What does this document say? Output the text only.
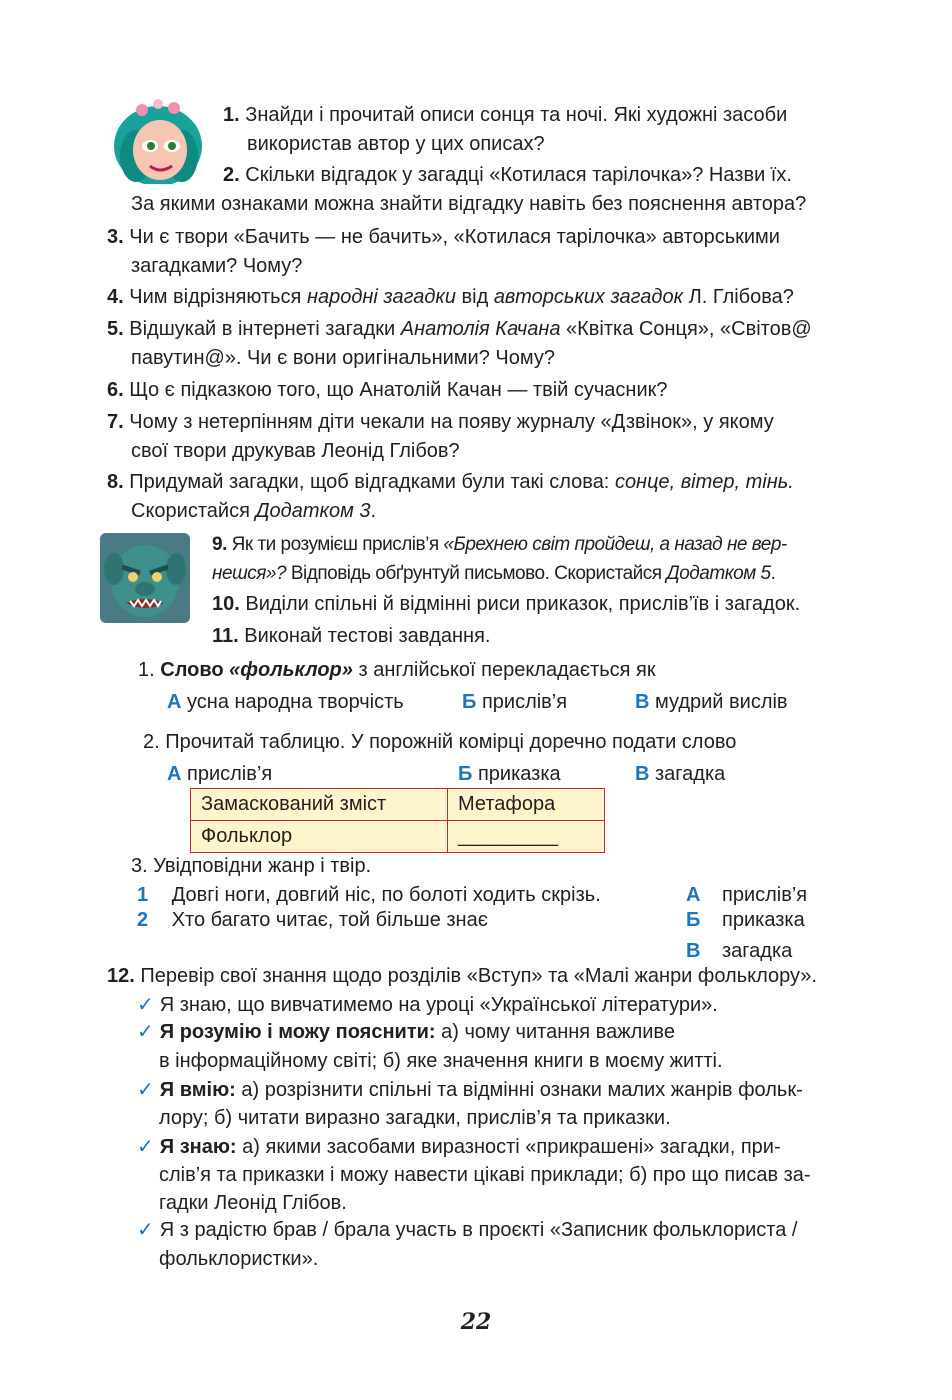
1. Знайди і прочитай описи сонця та ночі. Які художні засоби
використав автор у цих описах?
2. Скільки відгадок у загадці «Котилася тарілочка»? Назви їх.
За якими ознаками можна знайти відгадку навіть без пояснення автора?
3. Чи є твори «Бачить — не бачить», «Котилася тарілочка» авторськими
загадками? Чому?
4. Чим відрізняються народні загадки від авторських загадок Л. Глібова?
5. Відшукай в інтернеті загадки Анатолія Качана «Квітка Сонця», «Світов@
павутин@». Чи є вони оригінальними? Чому?
6. Що є підказкою того, що Анатолій Качан — твій сучасник?
7. Чому з нетерпінням діти чекали на появу журналу «Дзвінок», у якому
свої твори друкував Леонід Глібов?
8. Придумай загадки, щоб відгадками були такі слова: сонце, вітер, тінь.
Скористайся Додатком 3.
9. Як ти розумієш прислів’я «Брехнею світ пройдеш, а назад не вер-
нешся»? Відповідь обґрунтуй письмово. Скористайся Додатком 5.
10. Виділи спільні й відмінні риси приказок, прислів’їв і загадок.
11. Виконай тестові завдання.
1. Слово «фольклор» з англійської перекладається як
А усна народна творчість	Б прислів’я	В мудрий вислів
2. Прочитай таблицю. У порожній комірці доречно подати слово
А прислів’я	Б приказка	В загадка
Замаскований зміст	Метафора
Фольклор	_________
3. Увідповідни жанр і твір.
1 Довгі ноги, довгий ніс, по болоті ходить скрізь.
2 Хто багато читає, той більше знає
А прислів’я
Б приказка
В загадка
12. Перевір свої знання щодо розділів «Вступ» та «Малі жанри фольклору».
✓ Я знаю, що вивчатимемо на уроці «Української літератури».
✓ Я розумію і можу пояснити: а) чому читання важливе
в інформаційному світі; б) яке значення книги в моєму житті.
✓ Я вмію: а) розрізнити спільні та відмінні ознаки малих жанрів фольк-
лору; б) читати виразно загадки, прислів’я та приказки.
✓ Я знаю: а) якими засобами виразності «прикрашені» загадки, при-
слів’я та приказки і можу навести цікаві приклади; б) про що писав за-
гадки Леонід Глібов.
✓ Я з радістю брав / брала участь в проєкті «Записник фольклориста /
фольклористки».
22
